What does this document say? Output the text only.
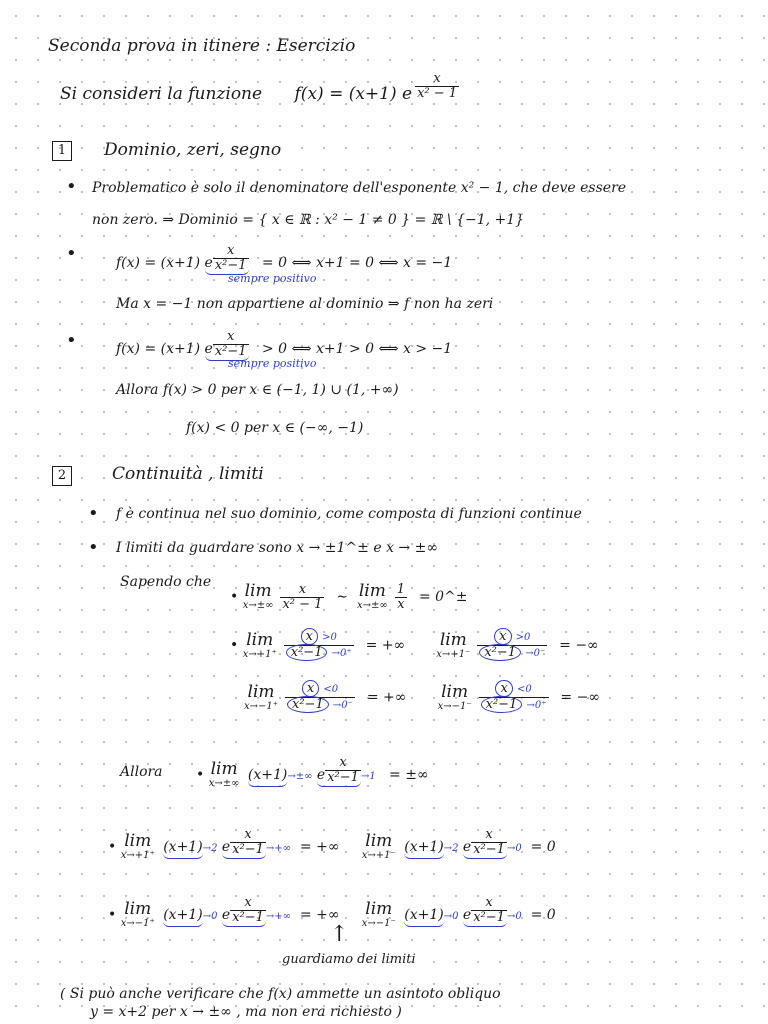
Seconda prova in itinere : Esercizio
Si consideri la funzione f(x) = (x+1) e $\frac{x}{\text{x² − 1}}$
1	Dominio, zeri, segno
• Problematico è solo il denominatore dell'esponente x² − 1, che deve essere
non zero. ⇒ Dominio = { x ∈ ℝ : x² − 1 ≠ 0 } = ℝ \ {−1, +1}
•	f(x) = (x+1) e $^{\frac{x}{\text{x²−1}}}$ = 0 ⟺ x+1 = 0 ⟺ x = −1
sempre positivo
Ma x = −1 non appartiene al dominio ⇒ f non ha zeri
•	f(x) = (x+1) e $^{\frac{x}{\text{x²−1}}}$ > 0 ⟺ x+1 > 0 ⟺ x > −1
sempre positivo
Allora f(x) > 0 per x ∈ (−1, 1) ∪ (1, +∞)
f(x) < 0 per x ∈ (−∞, −1)
2	Continuità , limiti
• f è continua nel suo dominio, come composta di funzioni continue
• I limiti da guardare sono x → ±1^± e x → ±∞
Sapendo che
• lim
$x\to\pm\infty \frac{x}{\text{x² − 1}}$ ∼ lim
$x\to\pm\infty \frac{1}{x}$ = 0^±
• lim
$x\to+1^+ \frac{x >0}{\text{x²−1 →0⁺}}$ = +∞ lim
$x\to+1^- \frac{x >0}{\text{x²−1 →0⁻}}$ = −∞
lim
$x\to-1^+ \frac{x <0}{\text{x²−1 →0⁻}}$ = +∞ lim
$x\to-1^- \frac{x <0}{\text{x²−1 →0⁺}}$ = −∞
Allora • lim
x→±∞
(x+1)→±∞ e $^{\frac{x}{\text{x²−1}}}$ →1 = ±∞
• lim
x→+1⁺
(x+1)→2 e $^{\frac{x}{\text{x²−1}}}$ →+∞ = +∞ lim
x→+1⁻
(x+1)→2 e $^{\frac{x}{\text{x²−1}}}$ →0 = 0
• lim
x→−1⁺
(x+1)→0 e $^{\frac{x}{\text{x²−1}}}$ →+∞ = +∞ lim
x→−1⁻
(x+1)→0 e $^{\frac{x}{\text{x²−1}}}$ →0 = 0
↑
guardiamo dei limiti
( Si può anche verificare che f(x) ammette un asintoto obliquo
y = x+2 per x → ±∞ , ma non era richiesto )
